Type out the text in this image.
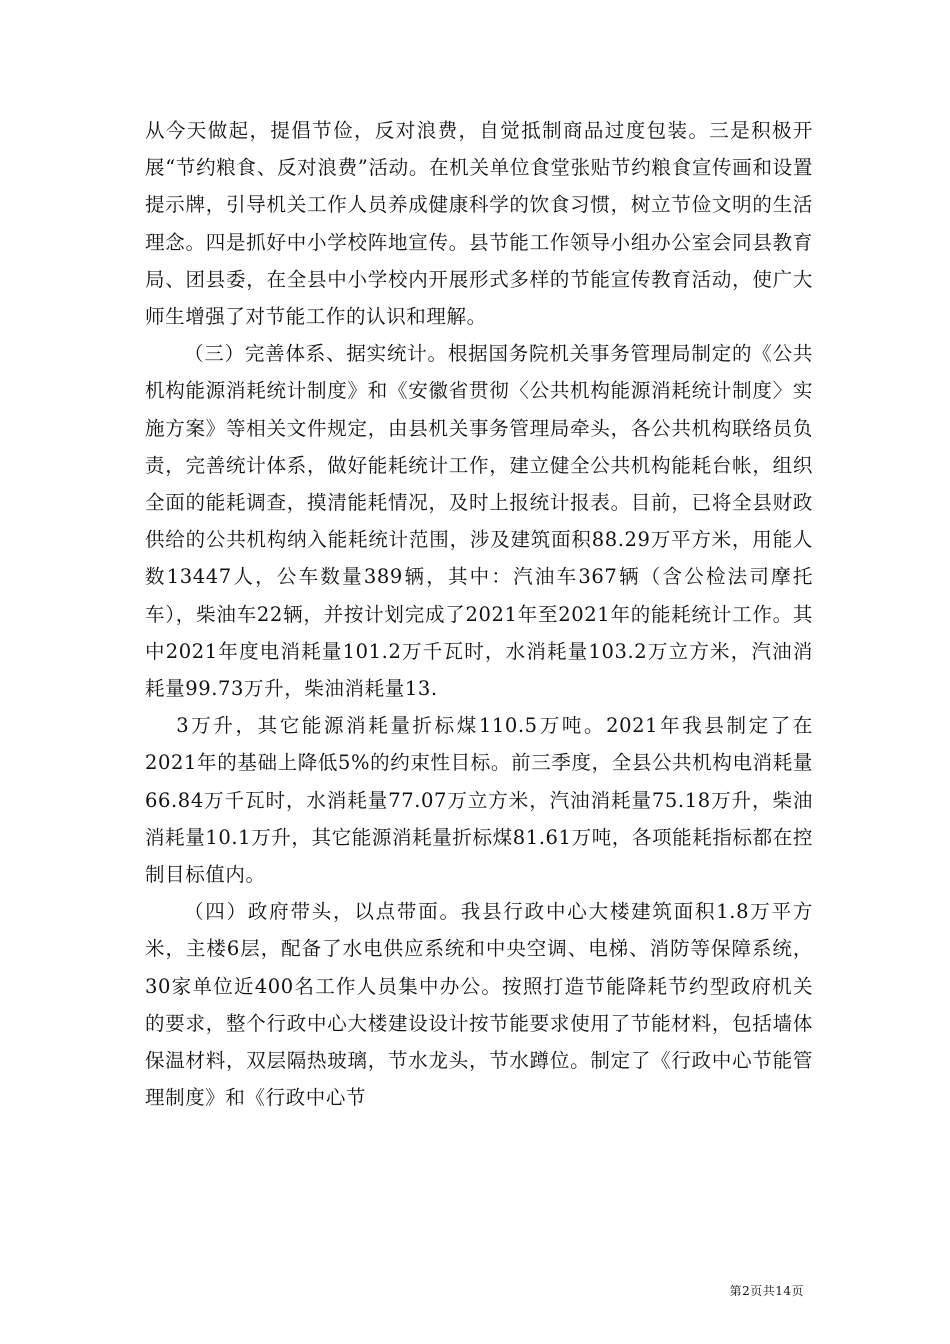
从今天做起，提倡节俭，反对浪费，自觉抵制商品过度包装。三是积极开展“节约粮食、反对浪费”活动。在机关单位食堂张贴节约粮食宣传画和设置提示牌，引导机关工作人员养成健康科学的饮食习惯，树立节俭文明的生活理念。四是抓好中小学校阵地宣传。县节能工作领导小组办公室会同县教育局、团县委，在全县中小学校内开展形式多样的节能宣传教育活动，使广大师生增强了对节能工作的认识和理解。

（三）完善体系、据实统计。根据国务院机关事务管理局制定的《公共机构能源消耗统计制度》和《安徽省贯彻〈公共机构能源消耗统计制度〉实施方案》等相关文件规定，由县机关事务管理局牵头，各公共机构联络员负责，完善统计体系，做好能耗统计工作，建立健全公共机构能耗台帐，组织全面的能耗调查，摸清能耗情况，及时上报统计报表。目前，已将全县财政供给的公共机构纳入能耗统计范围，涉及建筑面积88.29万平方米，用能人数13447人，公车数量389辆，其中：汽油车367辆（含公检法司摩托车），柴油车22辆，并按计划完成了2021年至2021年的能耗统计工作。其中2021年度电消耗量101.2万千瓦时，水消耗量103.2万立方米，汽油消耗量99.73万升，柴油消耗量13.

3万升，其它能源消耗量折标煤110.5万吨。2021年我县制定了在2021年的基础上降低5%的约束性目标。前三季度，全县公共机构电消耗量66.84万千瓦时，水消耗量77.07万立方米，汽油消耗量75.18万升，柴油消耗量10.1万升，其它能源消耗量折标煤81.61万吨，各项能耗指标都在控制目标值内。

（四）政府带头，以点带面。我县行政中心大楼建筑面积1.8万平方米，主楼6层，配备了水电供应系统和中央空调、电梯、消防等保障系统，30家单位近400名工作人员集中办公。按照打造节能降耗节约型政府机关的要求，整个行政中心大楼建设设计按节能要求使用了节能材料，包括墙体保温材料，双层隔热玻璃，节水龙头，节水蹲位。制定了《行政中心节能管理制度》和《行政中心节

第2页共14页
